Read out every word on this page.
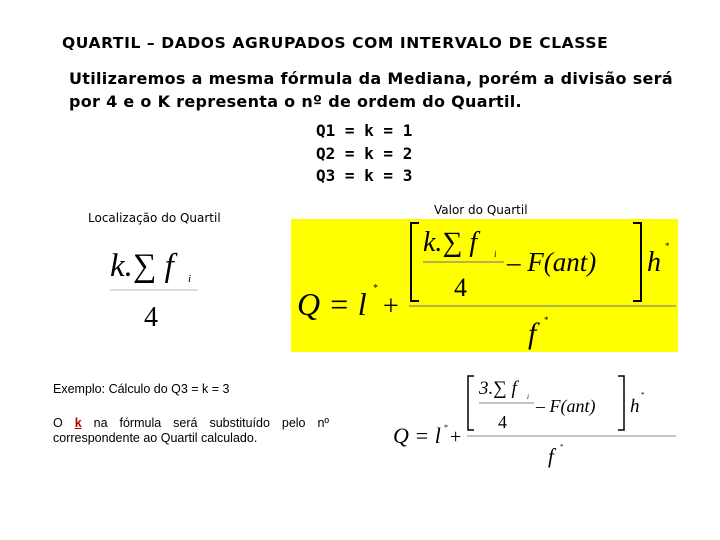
QUARTIL – DADOS AGRUPADOS COM INTERVALO DE CLASSE
Utilizaremos a mesma fórmula da Mediana, porém a divisão será por 4 e o K representa o nº de ordem do Quartil.
Q1 = k = 1
Q2 = k = 2
Q3 = k = 3
Localização do Quartil
Valor do Quartil
k.∑ f	i
4	Q = l *
+
k.∑ f	i
4
– F(ant) h
*
f *
Exemplo: Cálculo do Q3 = k = 3
O k na fórmula será substituído pelo nº correspondente ao Quartil calculado.	Q = l * +
3.∑ f	i
4
– F(ant) h
*
f *
